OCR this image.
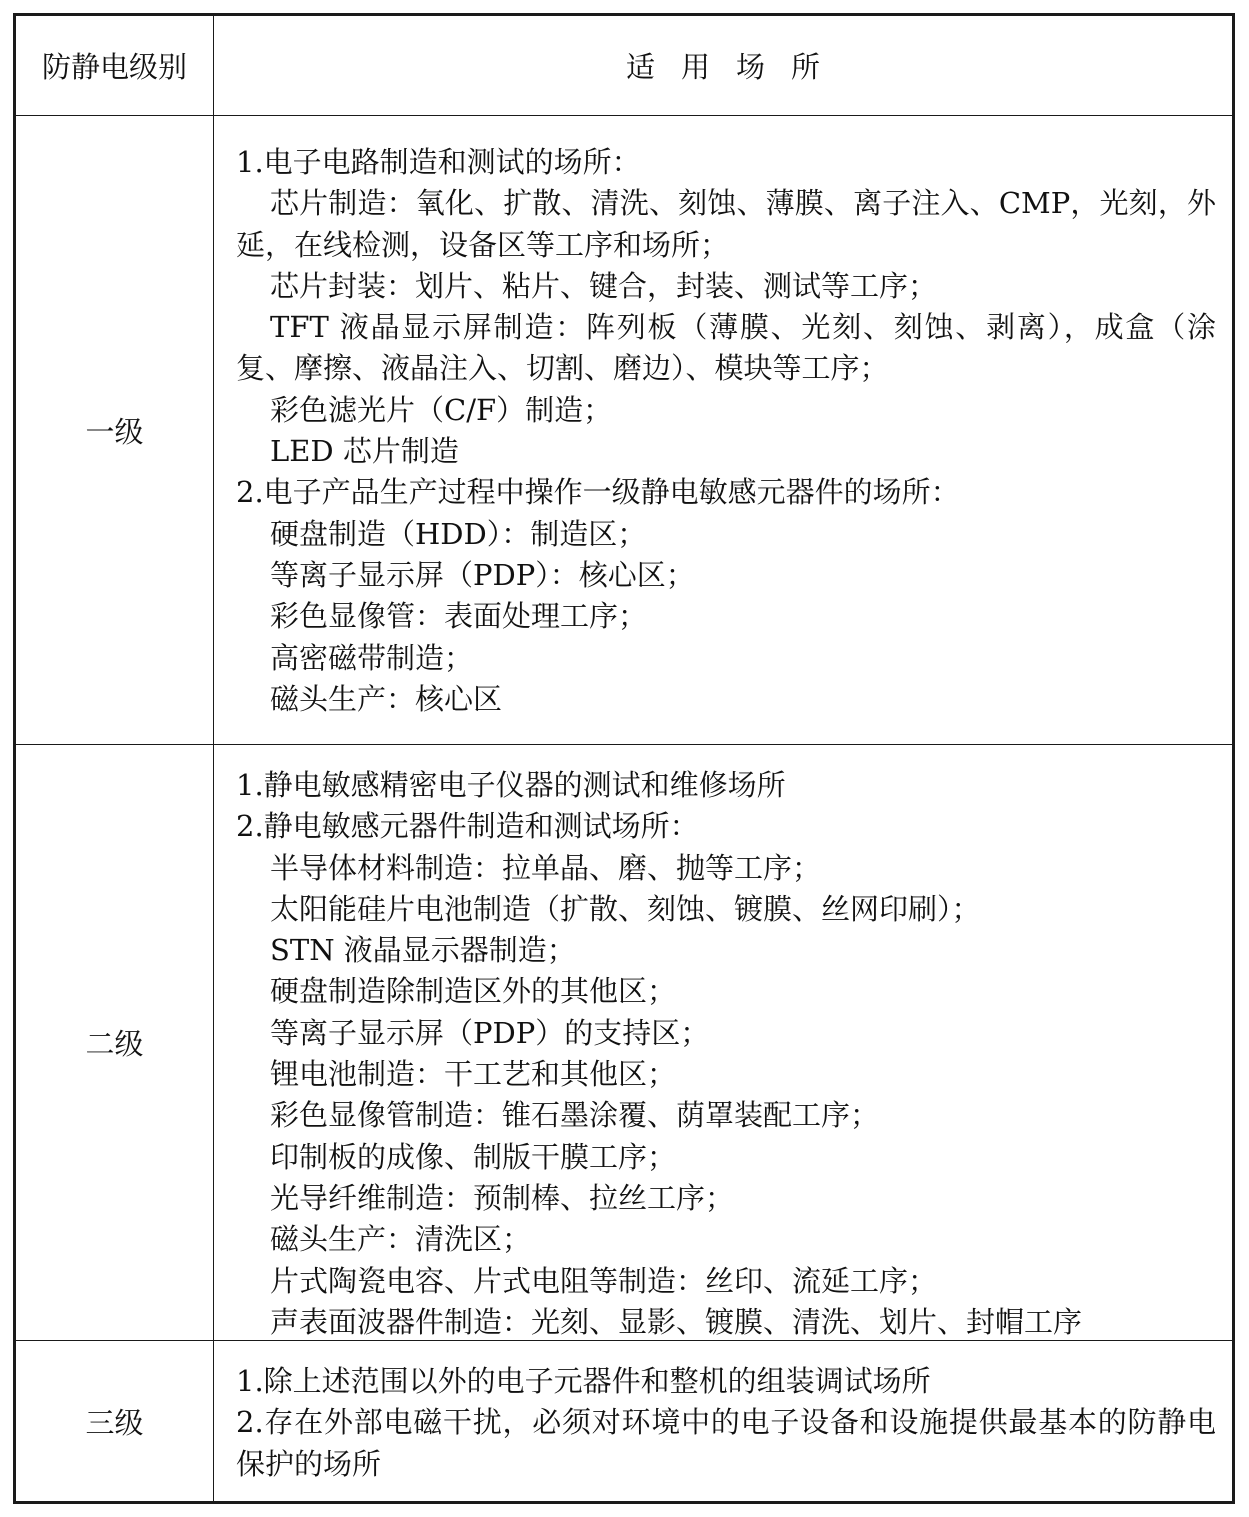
防静电级别	适用场所
一级
1.电子电路制造和测试的场所：
芯片制造：氧化、扩散、清洗、刻蚀、薄膜、离子注入、CMP，光刻，外延，在线检测，设备区等工序和场所；
芯片封装：划片、粘片、键合，封装、测试等工序；
TFT 液晶显示屏制造：阵列板（薄膜、光刻、刻蚀、剥离），成盒（涂复、摩擦、液晶注入、切割、磨边）、模块等工序；
彩色滤光片（C/F）制造；
LED 芯片制造
2.电子产品生产过程中操作一级静电敏感元器件的场所：
硬盘制造（HDD）：制造区；
等离子显示屏（PDP）：核心区；
彩色显像管：表面处理工序；
高密磁带制造；
磁头生产：核心区
二级
1.静电敏感精密电子仪器的测试和维修场所
2.静电敏感元器件制造和测试场所：
半导体材料制造：拉单晶、磨、抛等工序；
太阳能硅片电池制造（扩散、刻蚀、镀膜、丝网印刷）；
STN 液晶显示器制造；
硬盘制造除制造区外的其他区；
等离子显示屏（PDP）的支持区；
锂电池制造：干工艺和其他区；
彩色显像管制造：锥石墨涂覆、荫罩装配工序；
印制板的成像、制版干膜工序；
光导纤维制造：预制棒、拉丝工序；
磁头生产：清洗区；
片式陶瓷电容、片式电阻等制造：丝印、流延工序；
声表面波器件制造：光刻、显影、镀膜、清洗、划片、封帽工序
三级
1.除上述范围以外的电子元器件和整机的组装调试场所
2.存在外部电磁干扰，必须对环境中的电子设备和设施提供最基本的防静电保护的场所
